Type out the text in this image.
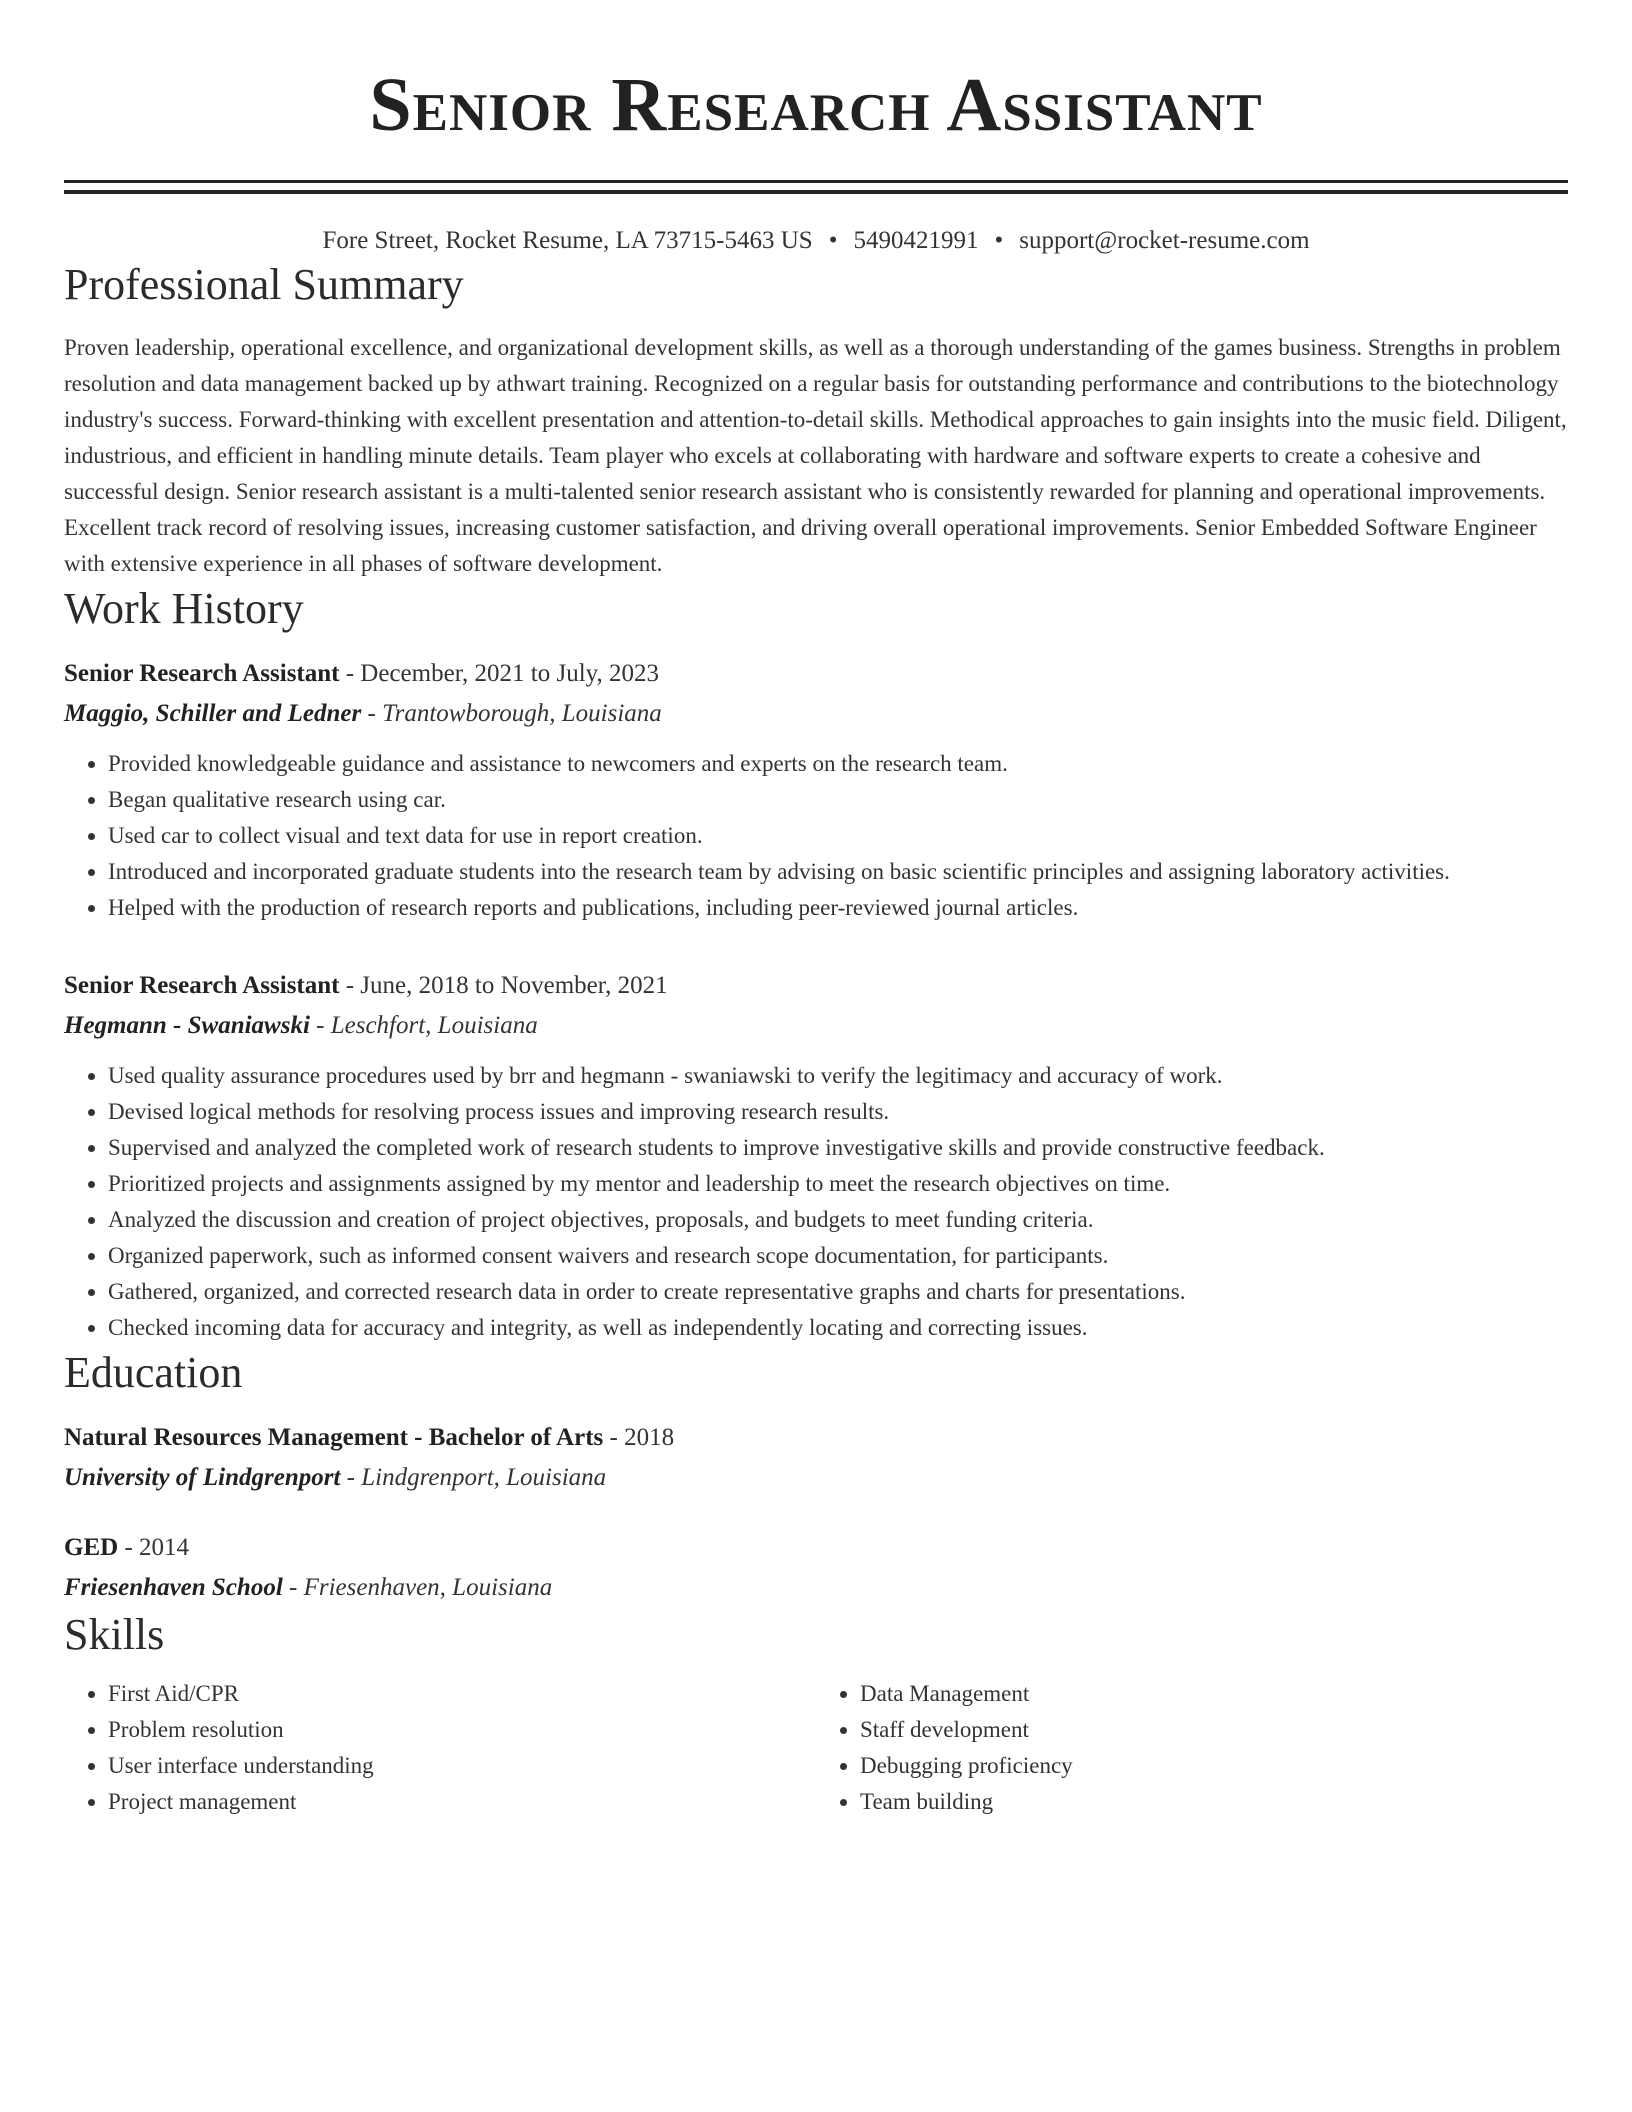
Senior Research Assistant
Fore Street, Rocket Resume, LA 73715-5463 US • 5490421991 • support@rocket-resume.com
Professional Summary
Proven leadership, operational excellence, and organizational development skills, as well as a thorough understanding of the games business. Strengths in problem resolution and data management backed up by athwart training. Recognized on a regular basis for outstanding performance and contributions to the biotechnology industry's success. Forward-thinking with excellent presentation and attention-to-detail skills. Methodical approaches to gain insights into the music field. Diligent, industrious, and efficient in handling minute details. Team player who excels at collaborating with hardware and software experts to create a cohesive and successful design. Senior research assistant is a multi-talented senior research assistant who is consistently rewarded for planning and operational improvements. Excellent track record of resolving issues, increasing customer satisfaction, and driving overall operational improvements. Senior Embedded Software Engineer with extensive experience in all phases of software development.
Work History
Senior Research Assistant - December, 2021 to July, 2023
Maggio, Schiller and Ledner - Trantowborough, Louisiana
• Provided knowledgeable guidance and assistance to newcomers and experts on the research team.
• Began qualitative research using car.
• Used car to collect visual and text data for use in report creation.
• Introduced and incorporated graduate students into the research team by advising on basic scientific principles and assigning laboratory activities.
• Helped with the production of research reports and publications, including peer-reviewed journal articles.
Senior Research Assistant - June, 2018 to November, 2021
Hegmann - Swaniawski - Leschfort, Louisiana
• Used quality assurance procedures used by brr and hegmann - swaniawski to verify the legitimacy and accuracy of work.
• Devised logical methods for resolving process issues and improving research results.
• Supervised and analyzed the completed work of research students to improve investigative skills and provide constructive feedback.
• Prioritized projects and assignments assigned by my mentor and leadership to meet the research objectives on time.
• Analyzed the discussion and creation of project objectives, proposals, and budgets to meet funding criteria.
• Organized paperwork, such as informed consent waivers and research scope documentation, for participants.
• Gathered, organized, and corrected research data in order to create representative graphs and charts for presentations.
• Checked incoming data for accuracy and integrity, as well as independently locating and correcting issues.
Education
Natural Resources Management - Bachelor of Arts - 2018
University of Lindgrenport - Lindgrenport, Louisiana
GED - 2014
Friesenhaven School - Friesenhaven, Louisiana
Skills
• First Aid/CPR
• Problem resolution
• User interface understanding
• Project management
• Data Management
• Staff development
• Debugging proficiency
• Team building
